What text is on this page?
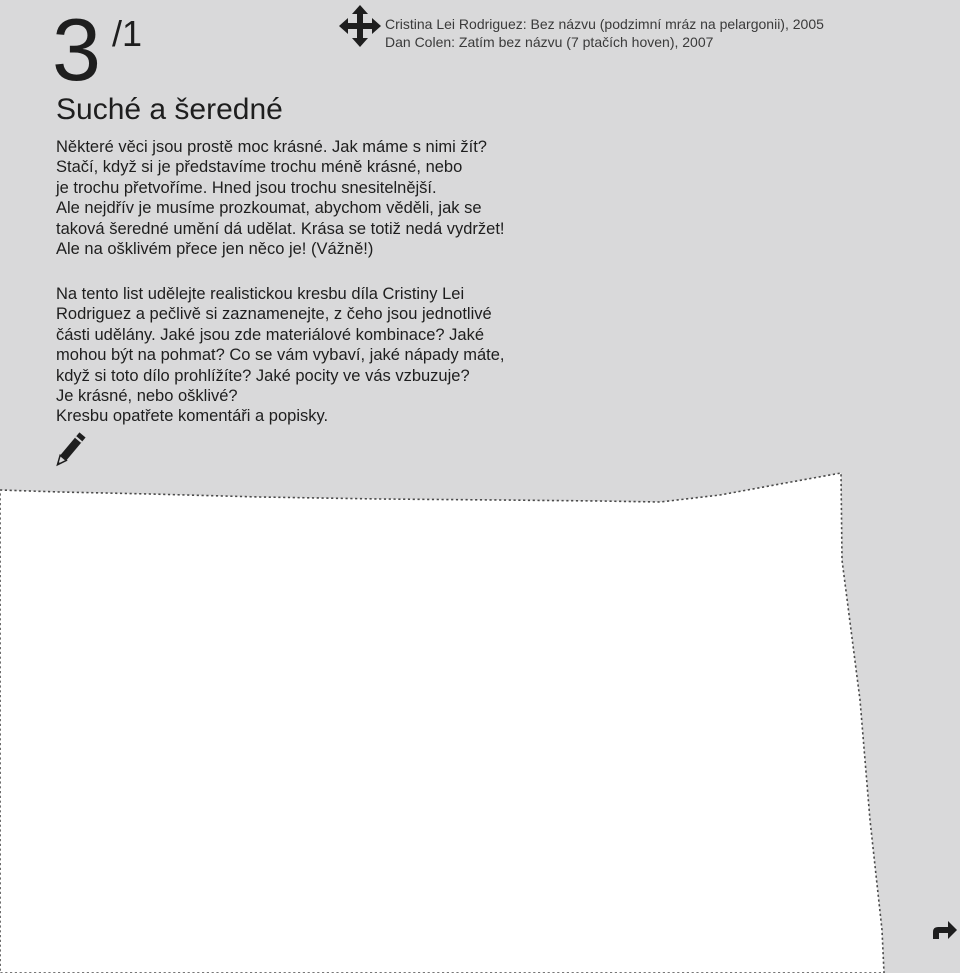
3 /1
Suché a šeredné
Cristina Lei Rodriguez: Bez názvu (podzimní mráz na pelargonii), 2005
Dan Colen: Zatím bez názvu (7 ptačích hoven), 2007

Některé věci jsou prostě moc krásné. Jak máme s nimi žít?
Stačí, když si je představíme trochu méně krásné, nebo
je trochu přetvoříme. Hned jsou trochu snesitelnější.
Ale nejdřív je musíme prozkoumat, abychom věděli, jak se
taková šeredné umění dá udělat. Krása se totiž nedá vydržet!
Ale na ošklivém přece jen něco je! (Vážně!)

Na tento list udělejte realistickou kresbu díla Cristiny Lei
Rodriguez a pečlivě si zaznamenejte, z čeho jsou jednotlivé
části udělány. Jaké jsou zde materiálové kombinace? Jaké
mohou být na pohmat? Co se vám vybaví, jaké nápady máte,
když si toto dílo prohlížíte? Jaké pocity ve vás vzbuzuje?
Je krásné, nebo ošklivé?
Kresbu opatřete komentáři a popisky.
